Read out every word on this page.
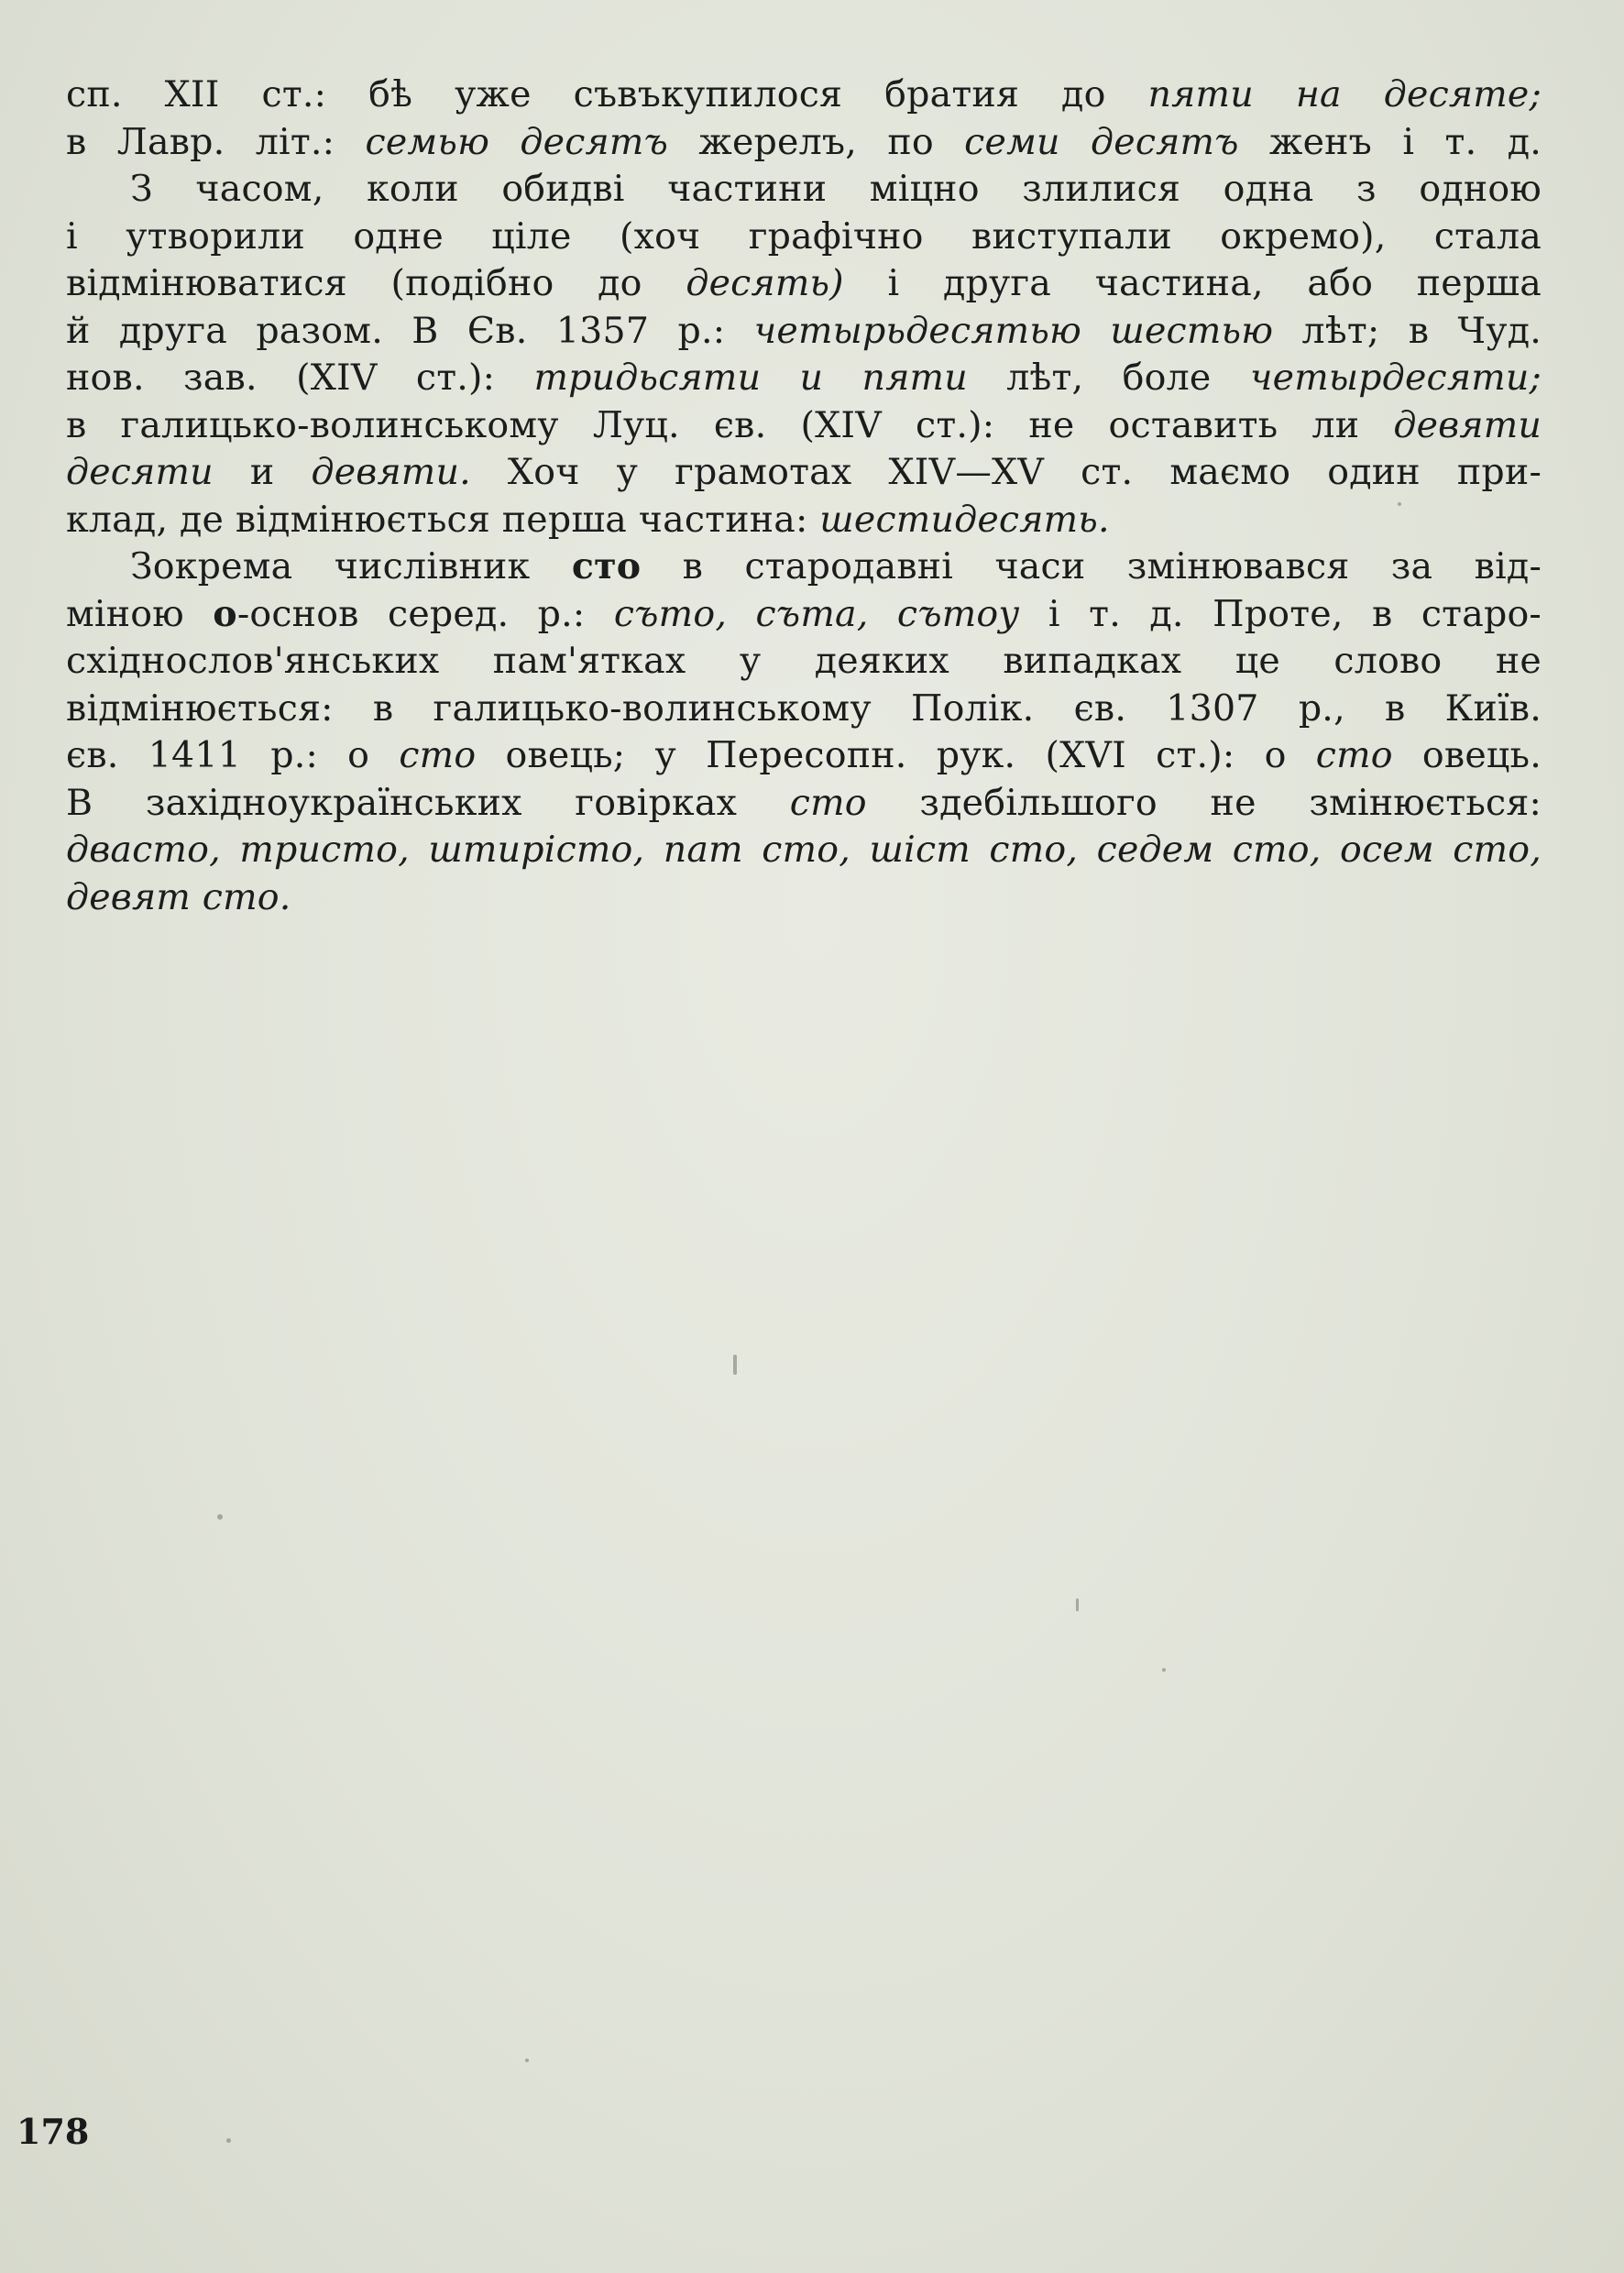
сп. XII ст.: бѣ уже съвъкупилося братия до пяти на десяте;
в Лавр. літ.: семью десятъ жерелъ, по семи десятъ женъ і т. д.
З часом, коли обидві частини міцно злилися одна з одною
і утворили одне ціле (хоч графічно виступали окремо), стала
відмінюватися (подібно до десять) і друга частина, або перша
й друга разом. В Єв. 1357 р.: четырьдесятью шестью лѣт; в Чуд.
нов. зав. (XIV ст.): тридьсяти и пяти лѣт, боле четырдесяти;
в галицько-волинському Луц. єв. (XIV ст.): не оставить ли девяти
десяти и девяти. Хоч у грамотах XIV—XV ст. маємо один при-
клад, де відмінюється перша частина: шестидесять.
Зокрема числівник сто в стародавні часи змінювався за від-
міною о-основ серед. р.: съто, съта, сътоу і т. д. Проте, в старо-
східнослов'янських пам'ятках у деяких випадках це слово не
відмінюється: в галицько-волинському Полік. єв. 1307 р., в Київ.
єв. 1411 р.: о сто овець; у Пересопн. рук. (XVI ст.): о сто овець.
В західноукраїнських говірках сто здебільшого не змінюється:
двасто, тристо, штирісто, пат сто, шіст сто, седем сто, осем сто,
девят сто.
178
